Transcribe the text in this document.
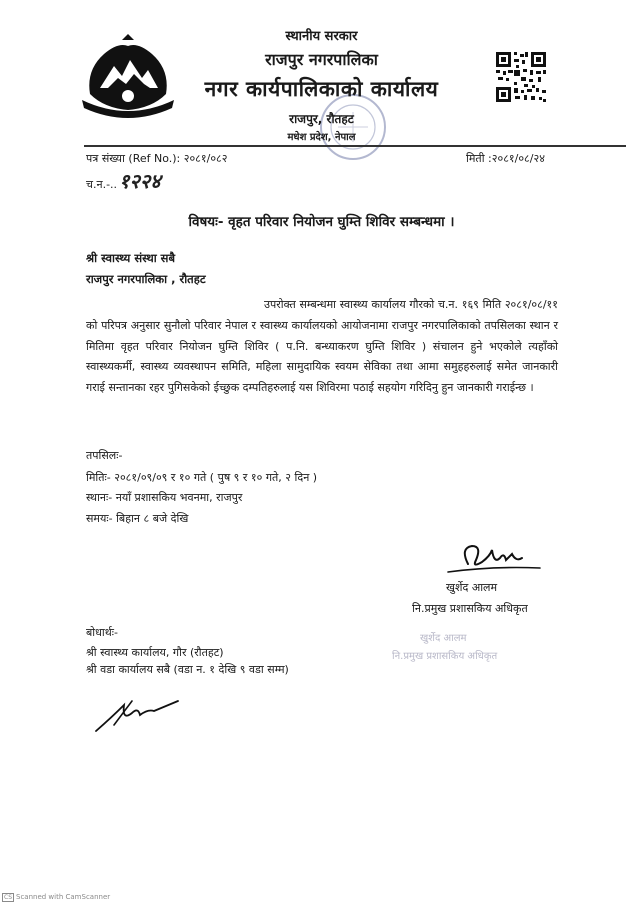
स्थानीय सरकार
राजपुर नगरपालिका
नगर कार्यपालिकाको कार्यालय
राजपुर, रौतहट
मधेश प्रदेश, नेपाल
पत्र संख्या (Ref No.): २०८१/०८२	मिती :२०८१/०८/२४
च.न.-.. १२२४
विषयः- वृहत परिवार नियोजन घुम्ति शिविर सम्बन्धमा ।
श्री स्वास्थ्य संस्था सबै
राजपुर नगरपालिका , रौतहट

उपरोक्त सम्बन्धमा स्वास्थ्य कार्यालय गौरको च.न. १६९ मिति २०८१/०८/११ को परिपत्र अनुसार सुनौलो परिवार नेपाल र स्वास्थ्य कार्यालयको आयोजनामा राजपुर नगरपालिकाको तपसिलका स्थान र मितिमा वृहत परिवार नियोजन घुम्ति शिविर ( प.नि. बन्ध्याकरण घुम्ति शिविर ) संचालन हुने भएकोले त्यहाँको स्वास्थ्यकर्मी, स्वास्थ्य व्यवस्थापन समिति, महिला सामुदायिक स्वयम सेविका तथा आमा समुहहरुलाई समेत जानकारी गराई सन्तानका रहर पुगिसकेको ईच्छुक दम्पतिहरुलाई यस शिविरमा पठाई सहयोग गरिदिनु हुन जानकारी गराईन्छ ।

तपसिलः-
मितिः- २०८१/०९/०९ र १० गते ( पुष ९ र १० गते, २ दिन )
स्थानः- नयाँ प्रशासकिय भवनमा, राजपुर
समयः- बिहान ८ बजे देखि
खुर्शेद आलम
नि.प्रमुख प्रशासकिय अधिकृत
खुर्शेद आलम
नि.प्रमुख प्रशासकिय अधिकृत
बोधार्थः-
श्री स्वास्थ्य कार्यालय, गौर (रौतहट)
श्री वडा कार्यालय सबै (वडा न. १ देखि ९ वडा सम्म)
CS Scanned with CamScanner
